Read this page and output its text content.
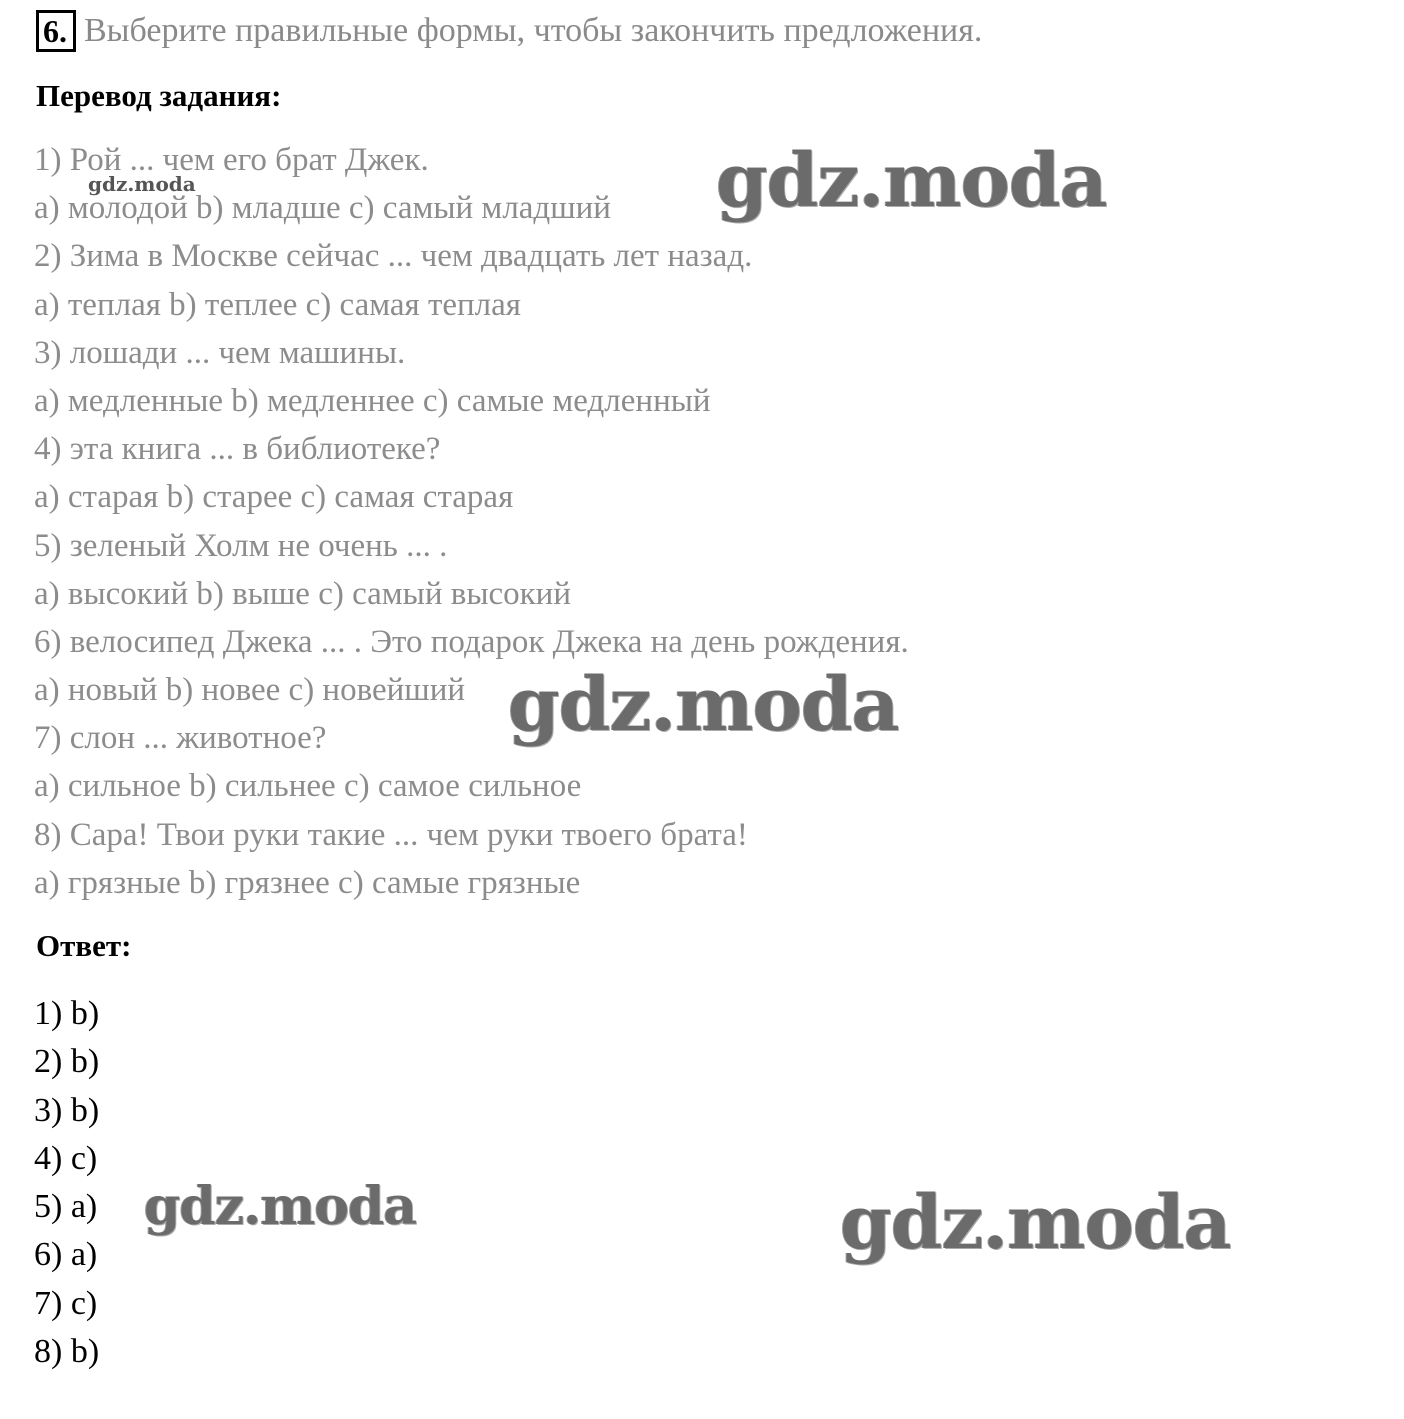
6. Выберите правильные формы, чтобы закончить предложения.
Перевод задания:
1) Рой ... чем его брат Джек.
a) молодой b) младше c) самый младший
2) Зима в Москве сейчас ... чем двадцать лет назад.
a) теплая b) теплее c) самая теплая
3) лошади ... чем машины.
a) медленные b) медленнее c) самые медленный
4) эта книга ... в библиотеке?
a) старая b) старее c) самая старая
5) зеленый Холм не очень ... .
a) высокий b) выше c) самый высокий
6) велосипед Джека ... . Это подарок Джека на день рождения.
a) новый b) новее c) новейший
7) слон ... животное?
a) сильное b) сильнее c) самое сильное
8) Сара! Твои руки такие ... чем руки твоего брата!
a) грязные b) грязнее c) самые грязные
Ответ:
1) b)
2) b)
3) b)
4) c)
5) a)
6) a)
7) c)
8) b)
gdz.moda	gdz.moda
gdz.moda
gdz.moda	gdz.moda
